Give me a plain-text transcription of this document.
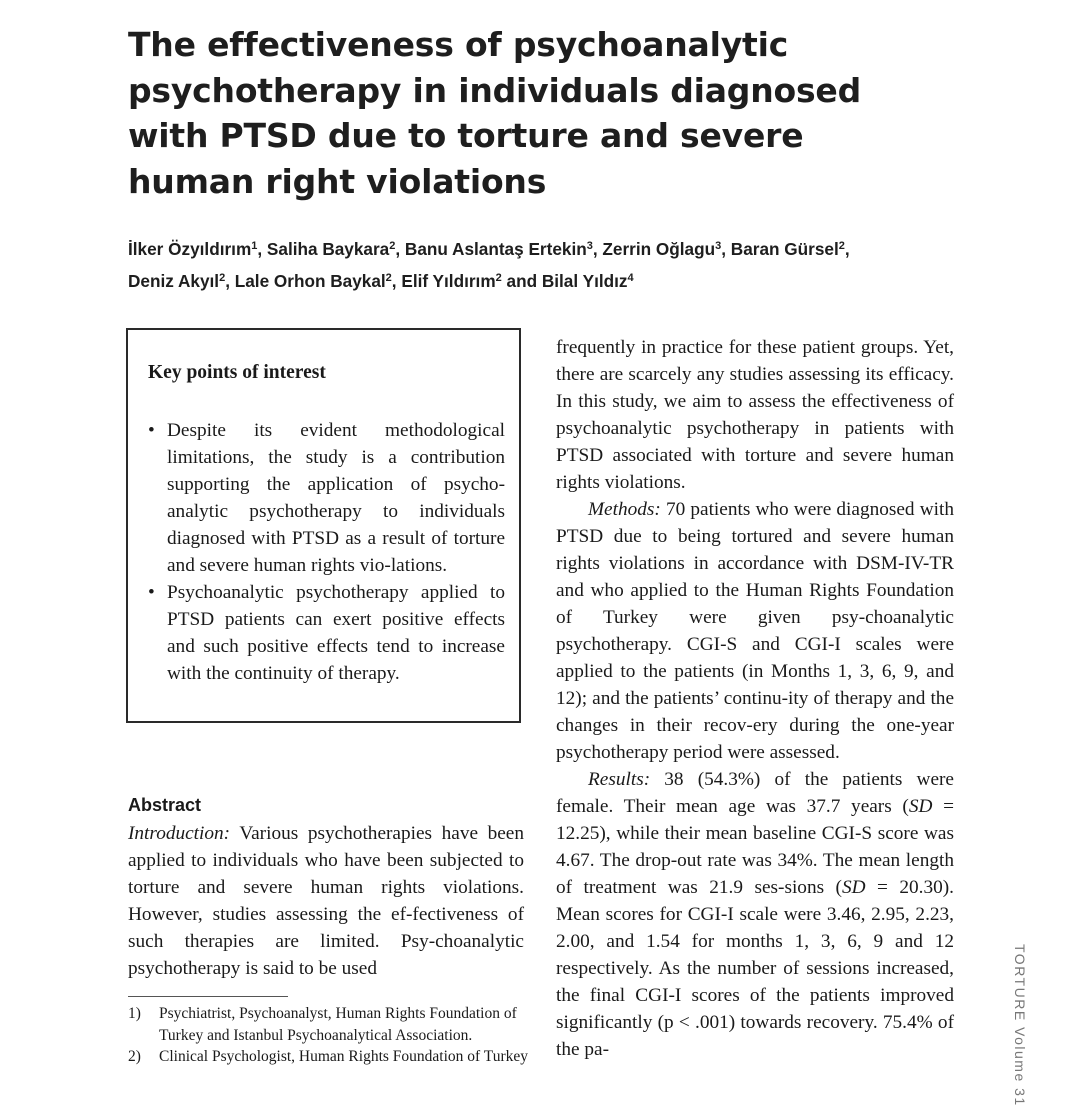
The effectiveness of psychoanalytic
psychotherapy in individuals diagnosed
with PTSD due to torture and severe
human right violations
İlker Özyıldırım$^1$, Saliha Baykara$^2$, Banu Aslantaş Ertekin$^3$, Zerrin Oğlagu$^3$, Baran Gürsel$^2$,
Deniz Akyıl$^2$, Lale Orhon Baykal$^2$, Elif Yıldırım$^2$ and Bilal Yıldız$^4$
Key points of interest
• Despite its evident methodological limitations, the study is a contribution supporting the application of psycho-analytic psychotherapy to individuals diagnosed with PTSD as a result of torture and severe human rights vio-lations.
• Psychoanalytic psychotherapy applied to PTSD patients can exert positive effects and such positive effects tend to increase with the continuity of therapy.
Abstract

Introduction: Various psychotherapies have been applied to individuals who have been subjected to torture and severe human rights violations. However, studies assessing the ef-fectiveness of such therapies are limited. Psy-choanalytic psychotherapy is said to be used

1) Psychiatrist, Psychoanalyst, Human Rights Foundation of Turkey and Istanbul Psychoanalytical Association.
2) Clinical Psychologist, Human Rights Foundation of Turkey

frequently in practice for these patient groups. Yet, there are scarcely any studies assessing its efficacy. In this study, we aim to assess the effectiveness of psychoanalytic psychotherapy in patients with PTSD associated with torture and severe human rights violations.

Methods: 70 patients who were diagnosed with PTSD due to being tortured and severe human rights violations in accordance with DSM-IV-TR and who applied to the Human Rights Foundation of Turkey were given psy-choanalytic psychotherapy. CGI-S and CGI-I scales were applied to the patients (in Months 1, 3, 6, 9, and 12); and the patients’ continu-ity of therapy and the changes in their recov-ery during the one-year psychotherapy period were assessed.

Results: 38 (54.3%) of the patients were female. Their mean age was 37.7 years (SD = 12.25), while their mean baseline CGI-S score was 4.67. The drop-out rate was 34%. The mean length of treatment was 21.9 ses-sions (SD = 20.30). Mean scores for CGI-I scale were 3.46, 2.95, 2.23, 2.00, and 1.54 for months 1, 3, 6, 9 and 12 respectively. As the number of sessions increased, the final CGI-I scores of the patients improved significantly (p < .001) towards recovery. 75.4% of the pa-	TORTURE Volume 31
